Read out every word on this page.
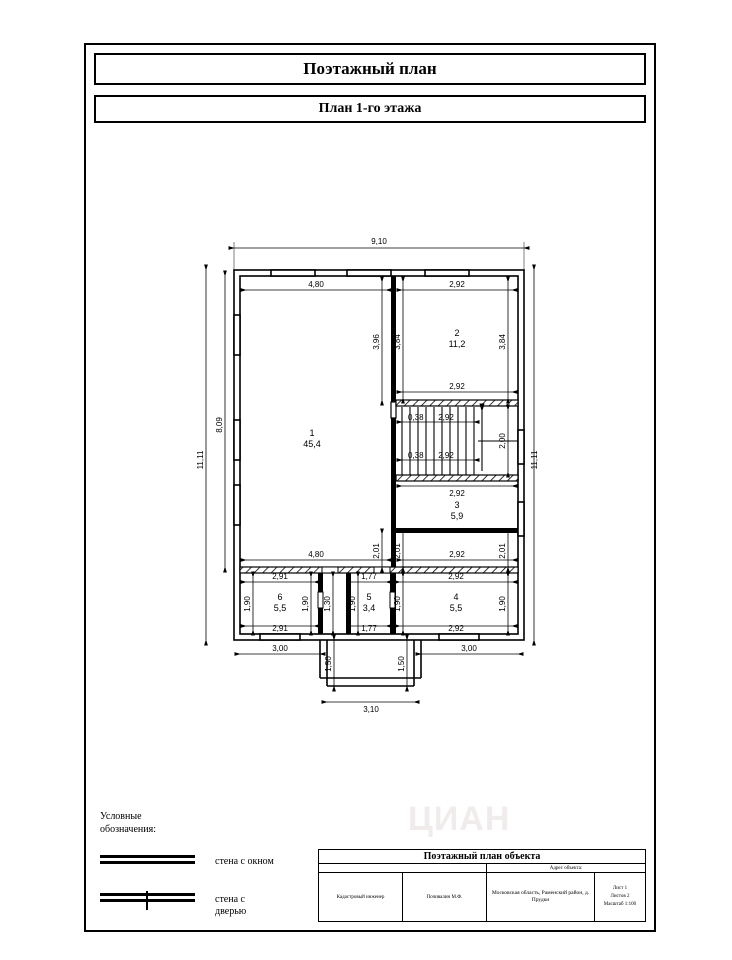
Поэтажный план
План 1-го этажа
9,10
4,80	2,92
11,11
8,09
11,11
3,96 3,84	3,84
2,92
0,38 2,92
0,38 2,92
2,92
2,00
4,80	2,92
2,01 2,01	2,01
2,91	1,77	2,92
2,91	1,77	2,92
1,90	1,90 1,30 1,90	1,90	1,90
3,00	3,00
1,50	1,50
3,10
1
45,4
2
11,2
3
5,9
4
5,5
5
3,4
6
5,5
ЦИАН
Условные
обозначения:
стена с окном
стена с
дверью
Поэтажный план объекта
Адрес объекта:
Кадастровый инженер	Почивалин М.Ф.
Московская область, Раменский район, д. Прудки
Лист 1
Листов 2
Масштаб 1:100
